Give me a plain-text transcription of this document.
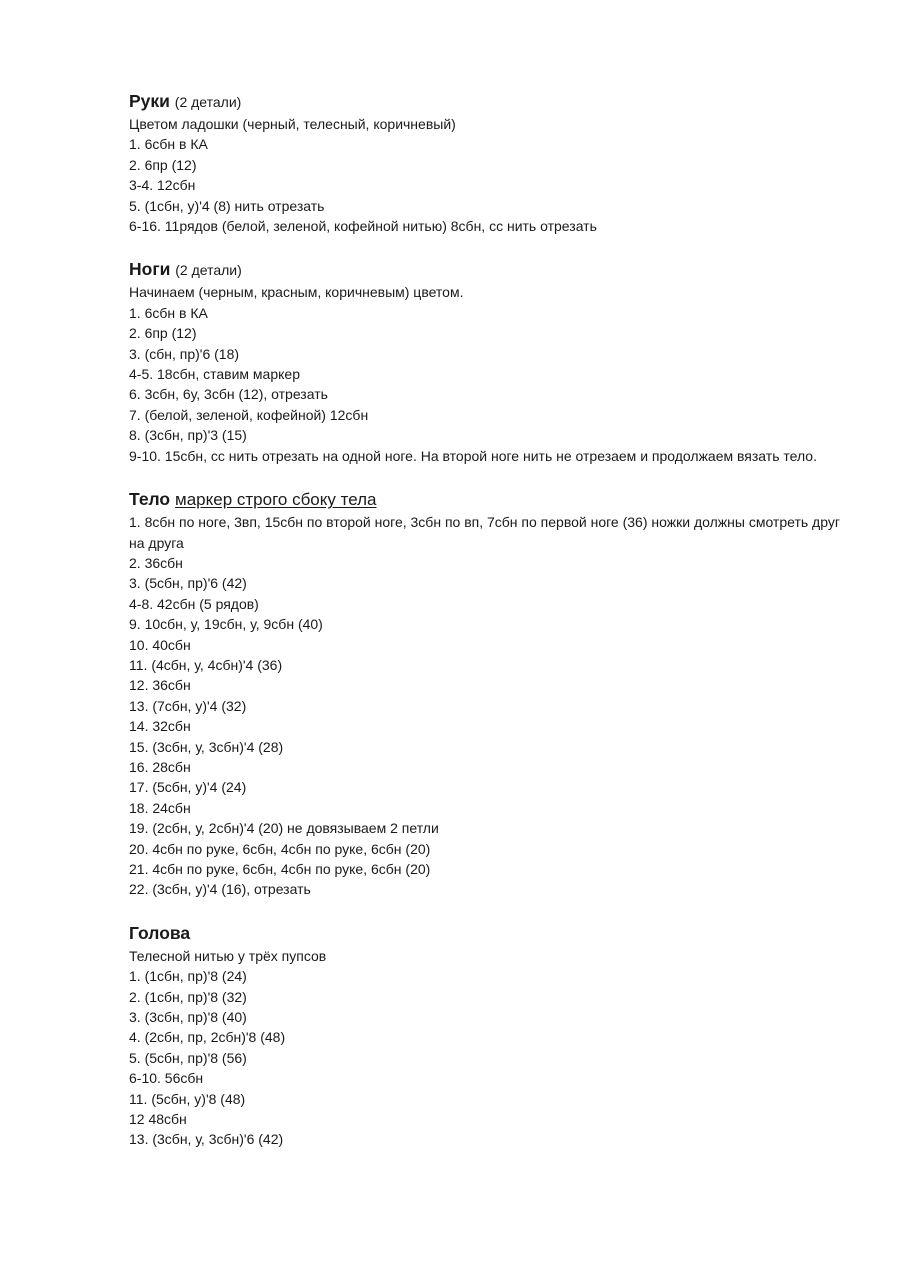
Руки (2 детали)
Цветом ладошки (черный, телесный, коричневый)
1. 6сбн в КА
2. 6пр (12)
3-4. 12сбн
5. (1сбн, у)'4 (8) нить отрезать
6-16. 11рядов (белой, зеленой, кофейной нитью) 8сбн, сс нить отрезать
Ноги (2 детали)
Начинаем (черным, красным, коричневым) цветом.
1. 6сбн в КА
2. 6пр (12)
3. (сбн, пр)'6 (18)
4-5. 18сбн, ставим маркер
6. 3сбн, 6у, 3сбн (12), отрезать
7. (белой, зеленой, кофейной) 12сбн
8. (3сбн, пр)'3 (15)
9-10. 15сбн, сс нить отрезать на одной ноге. На второй ноге нить не отрезаем и продолжаем вязать тело.
Тело маркер строго сбоку тела
1. 8сбн по ноге, 3вп, 15сбн по второй ноге, 3сбн по вп, 7сбн по первой ноге (36) ножки должны смотреть друг на друга
2. 36сбн
3. (5сбн, пр)'6 (42)
4-8. 42сбн (5 рядов)
9. 10сбн, у, 19сбн, у, 9сбн (40)
10. 40сбн
11. (4сбн, у, 4сбн)'4 (36)
12. 36сбн
13. (7сбн, у)'4 (32)
14. 32сбн
15. (3сбн, у, 3сбн)'4 (28)
16. 28сбн
17. (5сбн, у)'4 (24)
18. 24сбн
19. (2сбн, у, 2сбн)'4 (20) не довязываем 2 петли
20. 4сбн по руке, 6сбн, 4сбн по руке, 6сбн (20)
21. 4сбн по руке, 6сбн, 4сбн по руке, 6сбн (20)
22. (3сбн, у)'4 (16), отрезать
Голова
Телесной нитью у трёх пупсов
1. (1сбн, пр)'8 (24)
2. (1сбн, пр)'8 (32)
3. (3сбн, пр)'8 (40)
4. (2сбн, пр, 2сбн)'8 (48)
5. (5сбн, пр)'8 (56)
6-10. 56сбн
11. (5сбн, у)'8 (48)
12 48сбн
13. (3сбн, у, 3сбн)'6 (42)
